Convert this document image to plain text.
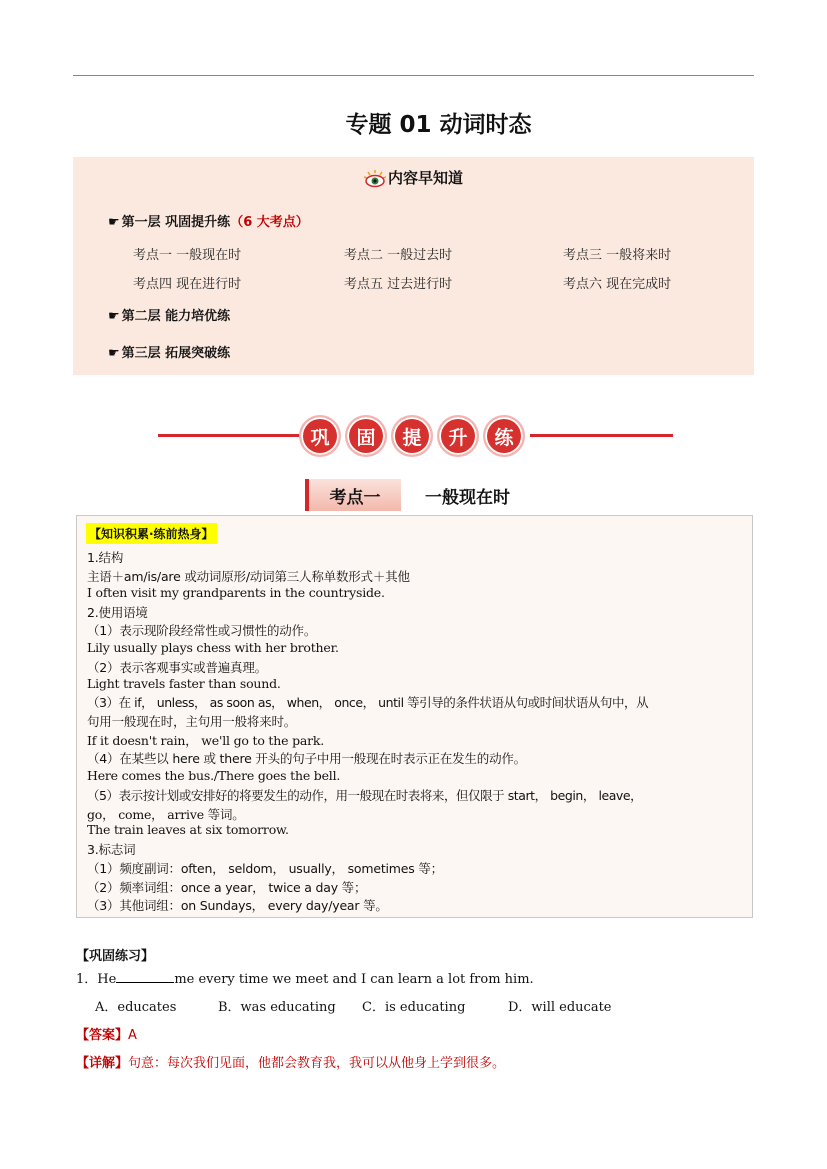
专题 01 动词时态
内容早知道
☛ 第一层 巩固提升练（6 大考点）
考点一 一般现在时	考点二 一般过去时	考点三 一般将来时
考点四 现在进行时	考点五 过去进行时	考点六 现在完成时
☛ 第二层 能力培优练
☛ 第三层 拓展突破练
巩	固	提	升	练
考点一	一般现在时
【知识积累·练前热身】
1.结构
主语＋am/is/are 或动词原形/动词第三人称单数形式＋其他
I often visit my grandparents in the countryside.
2.使用语境
（1）表示现阶段经常性或习惯性的动作。
Lily usually plays chess with her brother.
（2）表示客观事实或普遍真理。
Light travels faster than sound.
（3）在 if， unless， as soon as， when， once， until 等引导的条件状语从句或时间状语从句中，从
句用一般现在时，主句用一般将来时。
If it doesn't rain， we'll go to the park.
（4）在某些以 here 或 there 开头的句子中用一般现在时表示正在发生的动作。
Here comes the bus./There goes the bell.
（5）表示按计划或安排好的将要发生的动作，用一般现在时表将来，但仅限于 start， begin， leave，
go， come， arrive 等词。
The train leaves at six tomorrow.
3.标志词
（1）频度副词：often， seldom， usually， sometimes 等；
（2）频率词组：once a year， twice a day 等；
（3）其他词组：on Sundays， every day/year 等。
【巩固练习】
1．He	me every time we meet and I can learn a lot from him.
A．educates	B．was educating C．is educating	D．will educate
【答案】A
【详解】句意：每次我们见面，他都会教育我，我可以从他身上学到很多。
